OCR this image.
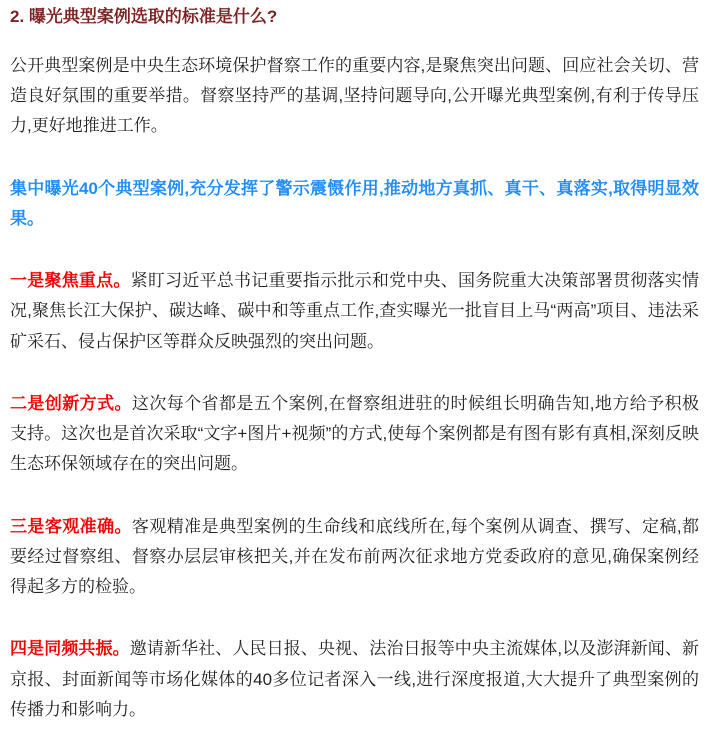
2. 曝光典型案例选取的标准是什么?

公开典型案例是中央生态环境保护督察工作的重要内容,是聚焦突出问题、回应社会关切、营造良好氛围的重要举措。督察坚持严的基调,坚持问题导向,公开曝光典型案例,有利于传导压力,更好地推进工作。

集中曝光40个典型案例,充分发挥了警示震慑作用,推动地方真抓、真干、真落实,取得明显效果。

一是聚焦重点。紧盯习近平总书记重要指示批示和党中央、国务院重大决策部署贯彻落实情况,聚焦长江大保护、碳达峰、碳中和等重点工作,查实曝光一批盲目上马“两高”项目、违法采矿采石、侵占保护区等群众反映强烈的突出问题。

二是创新方式。这次每个省都是五个案例,在督察组进驻的时候组长明确告知,地方给予积极支持。这次也是首次采取“文字+图片+视频”的方式,使每个案例都是有图有影有真相,深刻反映生态环保领域存在的突出问题。

三是客观准确。客观精准是典型案例的生命线和底线所在,每个案例从调查、撰写、定稿,都要经过督察组、督察办层层审核把关,并在发布前两次征求地方党委政府的意见,确保案例经得起多方的检验。

四是同频共振。邀请新华社、人民日报、央视、法治日报等中央主流媒体,以及澎湃新闻、新京报、封面新闻等市场化媒体的40多位记者深入一线,进行深度报道,大大提升了典型案例的传播力和影响力。
